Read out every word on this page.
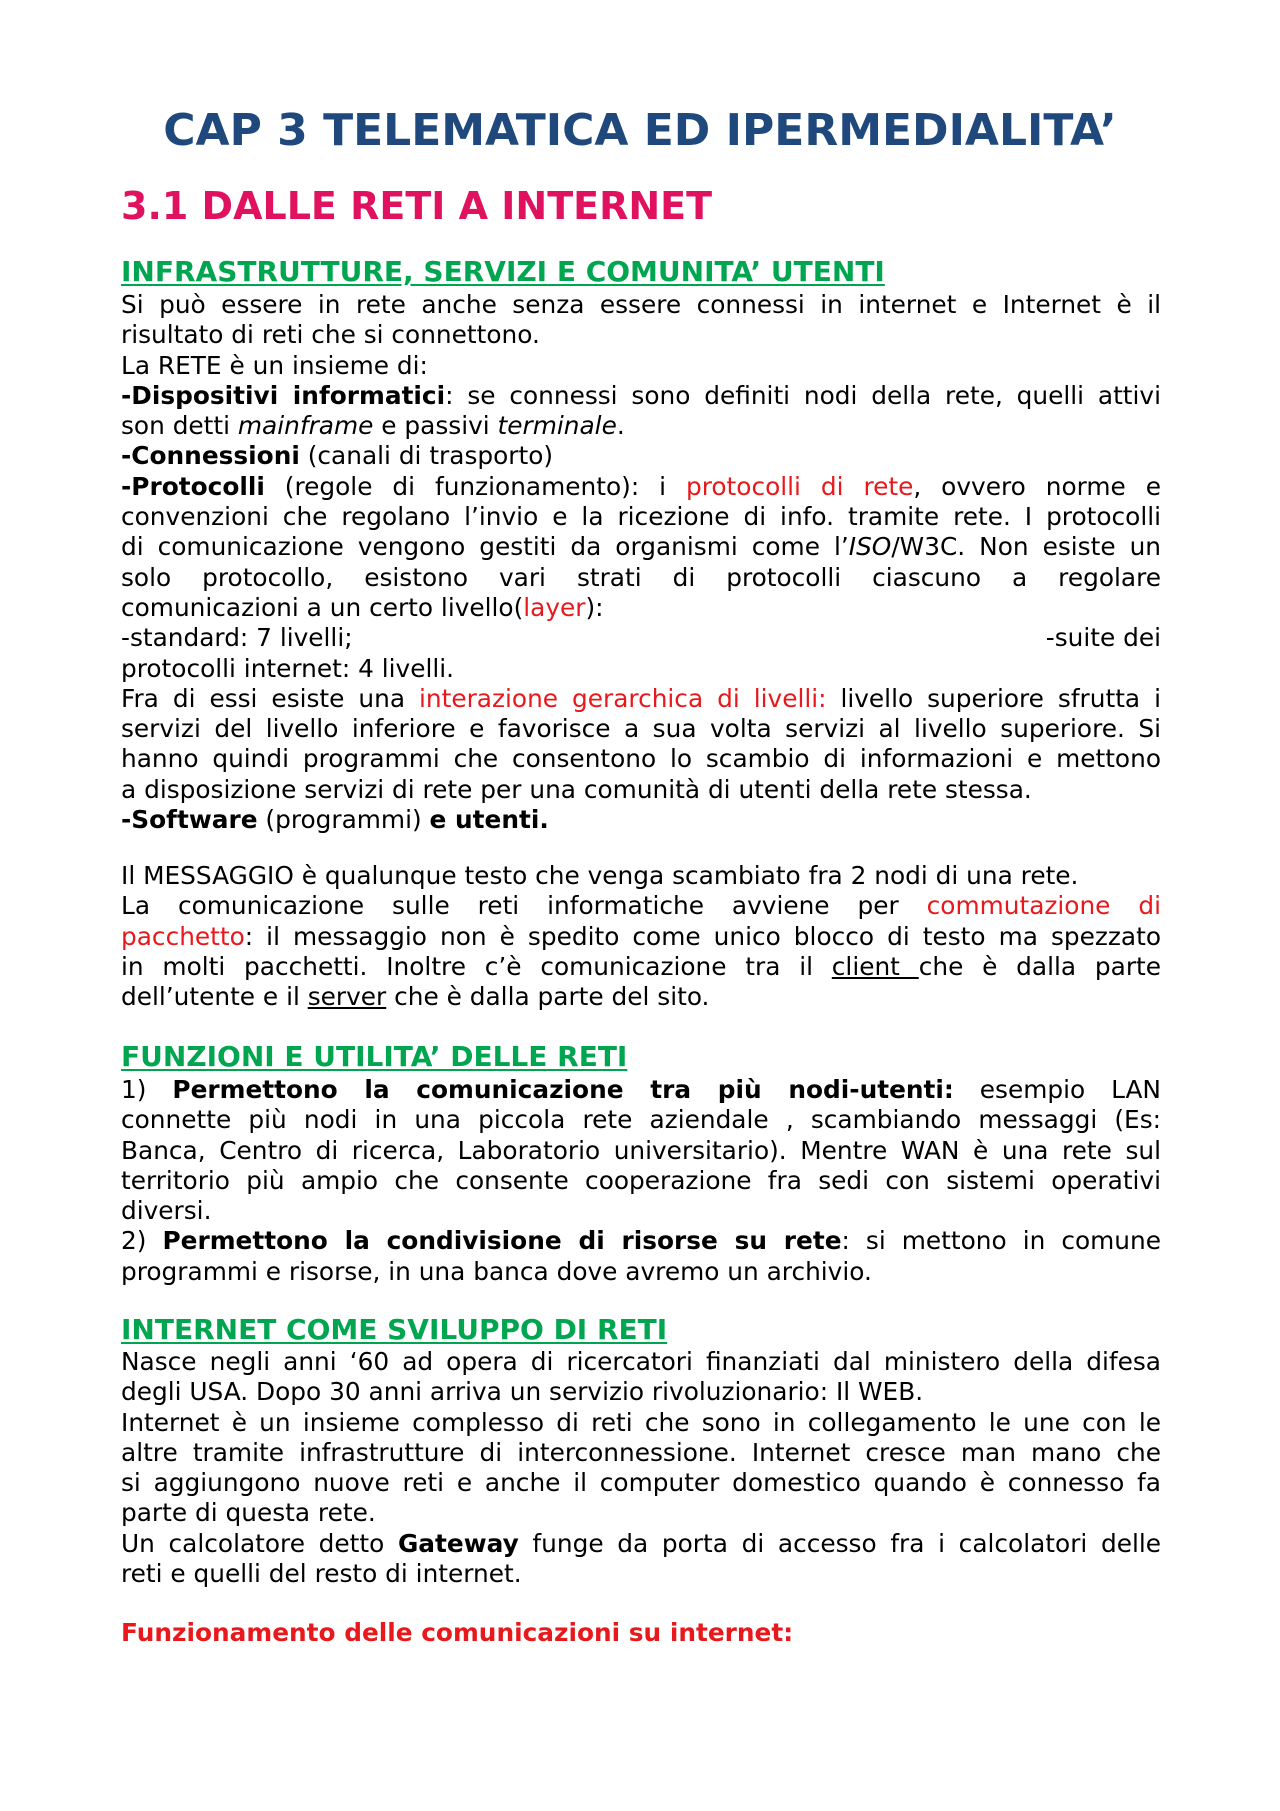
CAP 3 TELEMATICA ED IPERMEDIALITA’
3.1 DALLE RETI A INTERNET
INFRASTRUTTURE, SERVIZI E COMUNITA’ UTENTI
Si può essere in rete anche senza essere connessi in internet e Internet è il
risultato di reti che si connettono.
La RETE è un insieme di:
-Dispositivi informatici: se connessi sono definiti nodi della rete, quelli attivi
son detti mainframe e passivi terminale.
-Connessioni (canali di trasporto)
-Protocolli (regole di funzionamento): i protocolli di rete, ovvero norme e
convenzioni che regolano l’invio e la ricezione di info. tramite rete. I protocolli
di comunicazione vengono gestiti da organismi come l’ISO/W3C. Non esiste un
solo protocollo, esistono vari strati di protocolli ciascuno a regolare
comunicazioni a un certo livello(layer):
-standard: 7 livelli;	-suite dei
protocolli internet: 4 livelli.
Fra di essi esiste una interazione gerarchica di livelli: livello superiore sfrutta i
servizi del livello inferiore e favorisce a sua volta servizi al livello superiore. Si
hanno quindi programmi che consentono lo scambio di informazioni e mettono
a disposizione servizi di rete per una comunità di utenti della rete stessa.
-Software (programmi) e utenti.
Il MESSAGGIO è qualunque testo che venga scambiato fra 2 nodi di una rete.
La comunicazione sulle reti informatiche avviene per commutazione di
pacchetto: il messaggio non è spedito come unico blocco di testo ma spezzato
in molti pacchetti. Inoltre c’è comunicazione tra il client che è dalla parte
dell’utente e il server che è dalla parte del sito.
FUNZIONI E UTILITA’ DELLE RETI
1) Permettono la comunicazione tra più nodi-utenti: esempio LAN
connette più nodi in una piccola rete aziendale , scambiando messaggi (Es:
Banca, Centro di ricerca, Laboratorio universitario). Mentre WAN è una rete sul
territorio più ampio che consente cooperazione fra sedi con sistemi operativi
diversi.
2) Permettono la condivisione di risorse su rete: si mettono in comune
programmi e risorse, in una banca dove avremo un archivio.
INTERNET COME SVILUPPO DI RETI
Nasce negli anni ‘60 ad opera di ricercatori finanziati dal ministero della difesa
degli USA. Dopo 30 anni arriva un servizio rivoluzionario: Il WEB.
Internet è un insieme complesso di reti che sono in collegamento le une con le
altre tramite infrastrutture di interconnessione. Internet cresce man mano che
si aggiungono nuove reti e anche il computer domestico quando è connesso fa
parte di questa rete.
Un calcolatore detto Gateway funge da porta di accesso fra i calcolatori delle
reti e quelli del resto di internet.

Funzionamento delle comunicazioni su internet:
